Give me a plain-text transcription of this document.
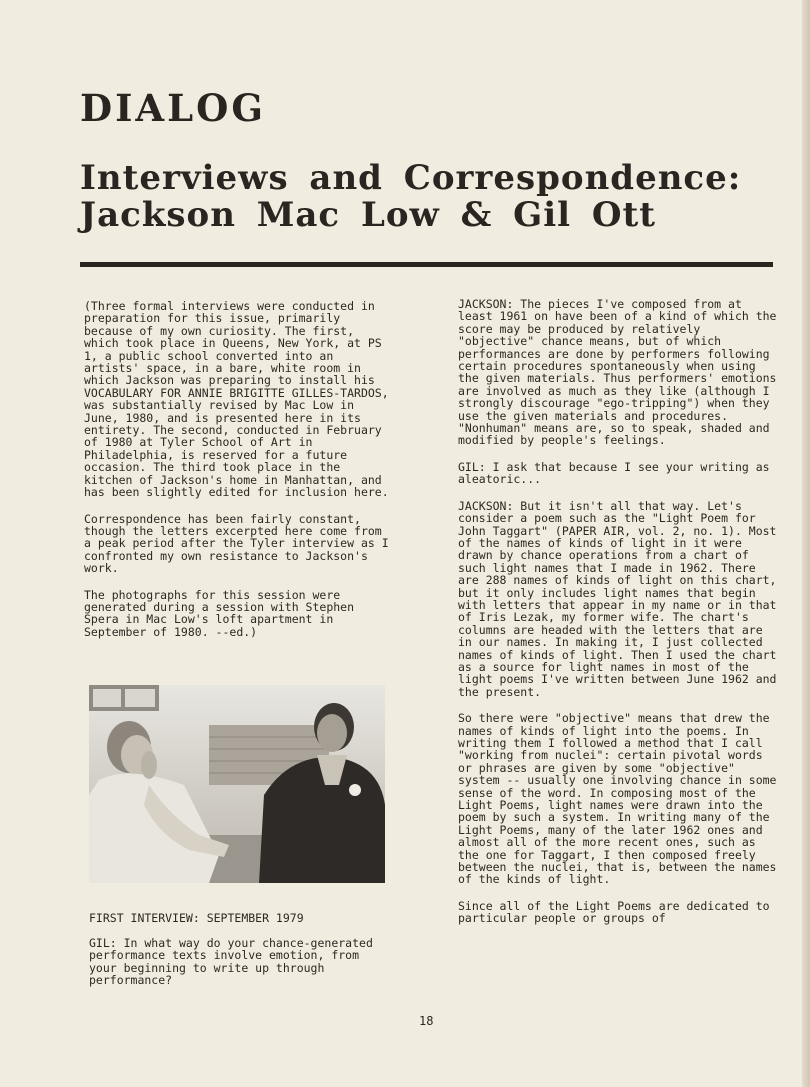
DIALOG
Interviews and Correspondence:
Jackson Mac Low & Gil Ott

(Three formal interviews were conducted in preparation for this issue, primarily because of my own curiosity. The first, which took place in Queens, New York, at PS 1, a public school converted into an artists' space, in a bare, white room in which Jackson was preparing to install his VOCABULARY FOR ANNIE BRIGITTE GILLES-TARDOS, was substantially revised by Mac Low in June, 1980, and is presented here in its entirety. The second, conducted in February of 1980 at Tyler School of Art in Philadelphia, is reserved for a future occasion. The third took place in the kitchen of Jackson's home in Manhattan, and has been slightly edited for inclusion here.

Correspondence has been fairly constant, though the letters excerpted here come from a peak period after the Tyler interview as I confronted my own resistance to Jackson's work.

The photographs for this session were generated during a session with Stephen Spera in Mac Low's loft apartment in September of 1980. --ed.)

FIRST INTERVIEW: SEPTEMBER 1979

GIL: In what way do your chance-generated performance texts involve emotion, from your beginning to write up through performance?

JACKSON: The pieces I've composed from at least 1961 on have been of a kind of which the score may be produced by relatively "objective" chance means, but of which performances are done by performers following certain procedures spontaneously when using the given materials. Thus performers' emotions are involved as much as they like (although I strongly discourage "ego-tripping") when they use the given materials and procedures. "Nonhuman" means are, so to speak, shaded and modified by people's feelings.

GIL: I ask that because I see your writing as aleatoric...

JACKSON: But it isn't all that way. Let's consider a poem such as the "Light Poem for John Taggart" (PAPER AIR, vol. 2, no. 1). Most of the names of kinds of light in it were drawn by chance operations from a chart of such light names that I made in 1962. There are 288 names of kinds of light on this chart, but it only includes light names that begin with letters that appear in my name or in that of Iris Lezak, my former wife. The chart's columns are headed with the letters that are in our names. In making it, I just collected names of kinds of light. Then I used the chart as a source for light names in most of the light poems I've written between June 1962 and the present.

So there were "objective" means that drew the names of kinds of light into the poems. In writing them I followed a method that I call "working from nuclei": certain pivotal words or phrases are given by some "objective" system -- usually one involving chance in some sense of the word. In composing most of the Light Poems, light names were drawn into the poem by such a system. In writing many of the Light Poems, many of the later 1962 ones and almost all of the more recent ones, such as the one for Taggart, I then composed freely between the nuclei, that is, between the names of the kinds of light.

Since all of the Light Poems are dedicated to particular people or groups of

18
